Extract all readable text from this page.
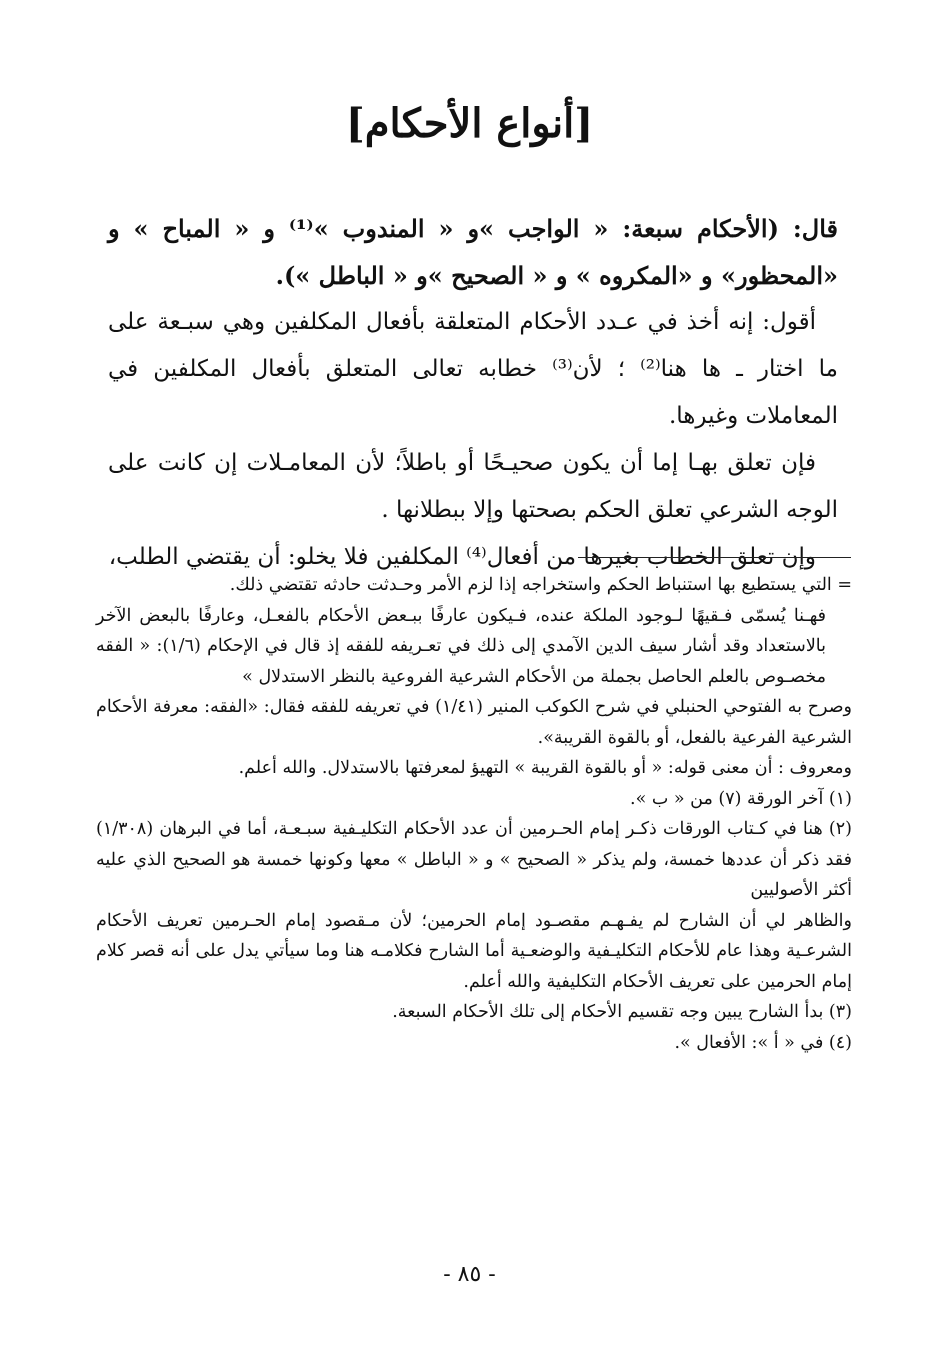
[أنواع الأحكام]

قال: (الأحكام سبعة: « الواجب »و « المندوب »⁽¹⁾ و « المباح » و «المحظور» و «المكروه » و « الصحيح »و « الباطل »).

أقول: إنه أخذ في عـدد الأحكام المتعلقة بأفعال المكلفين وهي سبـعة على ما اختار ـ ها هنا⁽²⁾ ؛ لأن⁽³⁾ خطابه تعالى المتعلق بأفعال المكلفين في المعاملات وغيرها.

فإن تعلق بهـا إما أن يكون صحيـحًا أو باطلاً؛ لأن المعامـلات إن كانت على الوجه الشرعي تعلق الحكم بصحتها وإلا ببطلانها .

وإن تعلق الخطاب بغيرها من أفعال⁽⁴⁾ المكلفين فلا يخلو: أن يقتضي الطلب،

= التي يستطيع بها استنباط الحكم واستخراجه إذا لزم الأمر وحـدثت حادثه تقتضي ذلك.

فهـنا يُسمّى فـقيهًا لـوجود الملكة عنده، فـيكون عارفًا ببـعض الأحكام بالفعـل، وعارفًا بالبعض الآخر بالاستعداد وقد أشار سيف الدين الآمدي إلى ذلك في تعـريفه للفقه إذ قال في الإحكام (١/٦): « الفقه مخصـوص بالعلم الحاصل بجملة من الأحكام الشرعية الفروعية بالنظر الاستدلال »

وصرح به الفتوحي الحنبلي في شرح الكوكب المنير (١/٤١) في تعريفه للفقه فقال: «الفقه: معرفة الأحكام الشرعية الفرعية بالفعل، أو بالقوة القريبة».

ومعروف : أن معنى قوله: « أو بالقوة القريبة » التهيؤ لمعرفتها بالاستدلال. والله أعلم.

(١) آخر الورقة (٧) من « ب ».

(٢) هنا في كـتاب الورقات ذكـر إمام الحـرمين أن عدد الأحكام التكليـفية سبـعـة، أما في البرهان (١/٣٠٨) فقد ذكر أن عددها خمسة، ولم يذكر « الصحيح » و « الباطل » معها وكونها خمسة هو الصحيح الذي عليه أكثر الأصوليين

والظاهر لي أن الشارح لم يفـهـم مقصـود إمام الحرمين؛ لأن مـقصود إمام الحـرمين تعريف الأحكام الشرعـية وهذا عام للأحكام التكليـفية والوضعـية أما الشارح فكلامـه هنا وما سيأتي يدل على أنه قصر كلام إمام الحرمين على تعريف الأحكام التكليفية والله أعلم.

(٣) بدأ الشارح يبين وجه تقسيم الأحكام إلى تلك الأحكام السبعة.

(٤) في « أ »: الأفعال ».

- ٨٥ -
